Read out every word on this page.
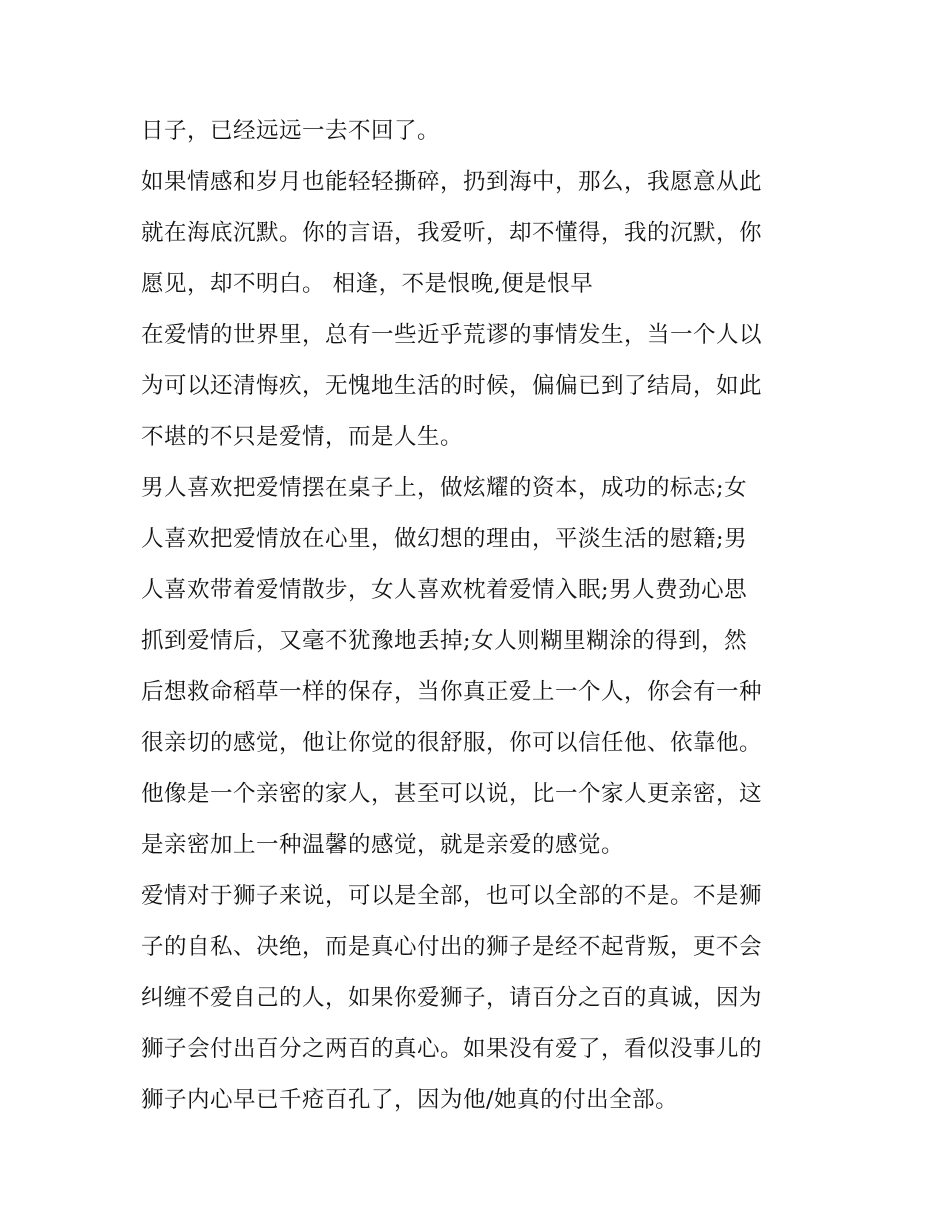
日子，已经远远一去不回了。
如果情感和岁月也能轻轻撕碎，扔到海中，那么，我愿意从此
就在海底沉默。你的言语，我爱听，却不懂得，我的沉默，你
愿见，却不明白。 相逢，不是恨晚,便是恨早
在爱情的世界里，总有一些近乎荒谬的事情发生，当一个人以
为可以还清悔疚，无愧地生活的时候，偏偏已到了结局，如此
不堪的不只是爱情，而是人生。
男人喜欢把爱情摆在桌子上，做炫耀的资本，成功的标志;女
人喜欢把爱情放在心里，做幻想的理由，平淡生活的慰籍;男
人喜欢带着爱情散步，女人喜欢枕着爱情入眠;男人费劲心思
抓到爱情后，又毫不犹豫地丢掉;女人则糊里糊涂的得到，然
后想救命稻草一样的保存，当你真正爱上一个人，你会有一种
很亲切的感觉，他让你觉的很舒服，你可以信任他、依靠他。
他像是一个亲密的家人，甚至可以说，比一个家人更亲密，这
是亲密加上一种温馨的感觉，就是亲爱的感觉。
爱情对于狮子来说，可以是全部，也可以全部的不是。不是狮
子的自私、决绝，而是真心付出的狮子是经不起背叛，更不会
纠缠不爱自己的人，如果你爱狮子，请百分之百的真诚，因为
狮子会付出百分之两百的真心。如果没有爱了，看似没事儿的
狮子内心早已千疮百孔了，因为他/她真的付出全部。
